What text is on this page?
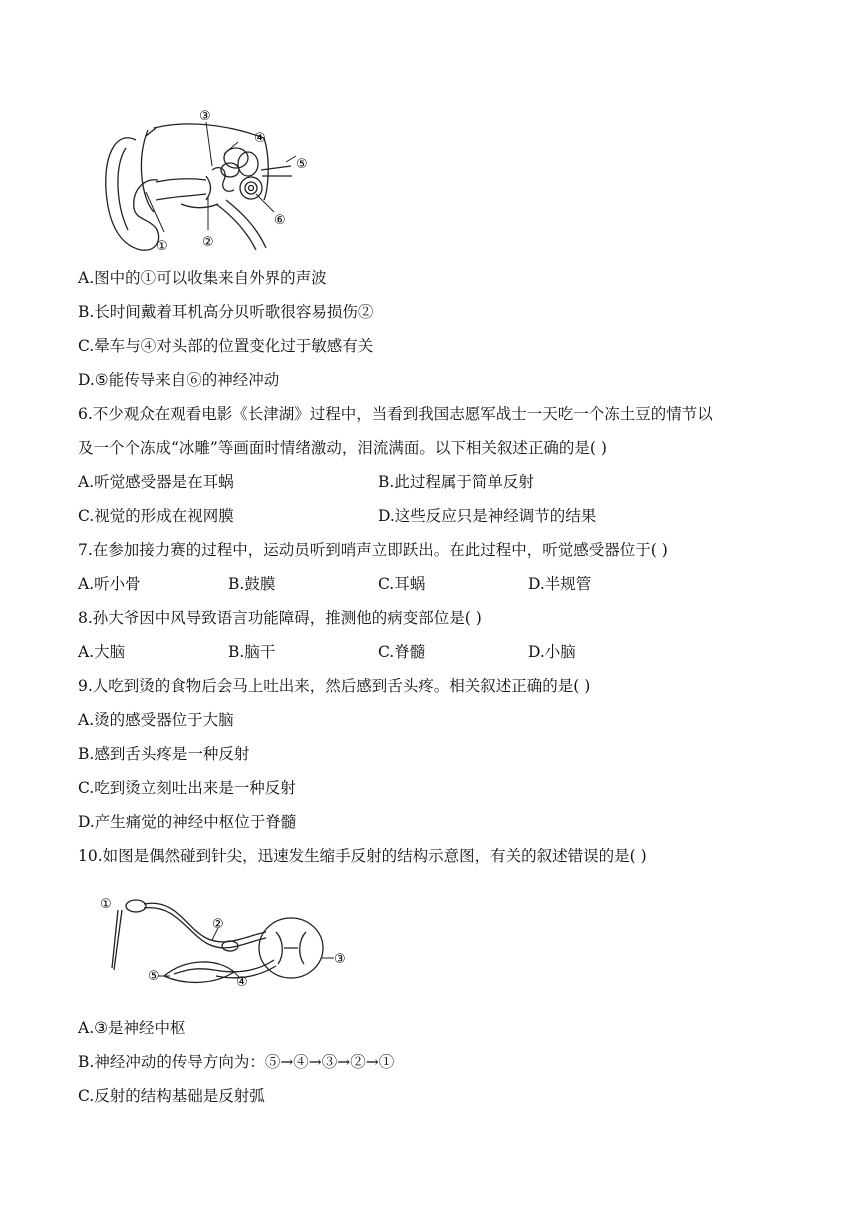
①	②
③
④
⑤
⑥
A.图中的①可以收集来自外界的声波
B.长时间戴着耳机高分贝听歌很容易损伤②
C.晕车与④对头部的位置变化过于敏感有关
D.⑤能传导来自⑥的神经冲动
6.不少观众在观看电影《长津湖》过程中，当看到我国志愿军战士一天吃一个冻土豆的情节以
及一个个冻成“冰雕”等画面时情绪激动，泪流满面。以下相关叙述正确的是( )
A.听觉感受器是在耳蜗	B.此过程属于简单反射
C.视觉的形成在视网膜	D.这些反应只是神经调节的结果
7.在参加接力赛的过程中，运动员听到哨声立即跃出。在此过程中，听觉感受器位于( )
A.听小骨	B.鼓膜	C.耳蜗	D.半规管
8.孙大爷因中风导致语言功能障碍，推测他的病变部位是( )
A.大脑	B.脑干	C.脊髓	D.小脑
9.人吃到烫的食物后会马上吐出来，然后感到舌头疼。相关叙述正确的是( )
A.烫的感受器位于大脑
B.感到舌头疼是一种反射
C.吃到烫立刻吐出来是一种反射
D.产生痛觉的神经中枢位于脊髓
10.如图是偶然碰到针尖，迅速发生缩手反射的结构示意图，有关的叙述错误的是( )
①
②
③
④
⑤
A.③是神经中枢
B.神经冲动的传导方向为：⑤→④→③→②→①
C.反射的结构基础是反射弧
